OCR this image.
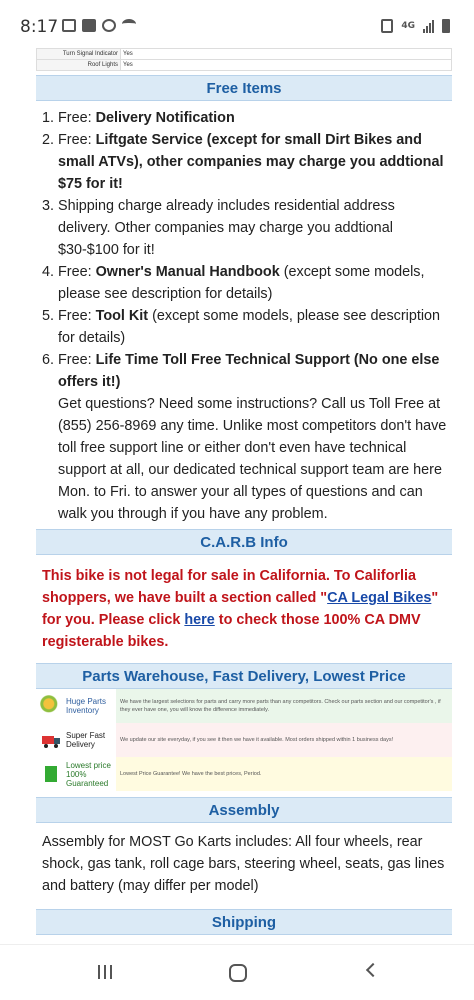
8:17	4G
Turn Signal Indicator	Yes
Roof Lights	Yes
Free Items
1. Free: Delivery Notification
2. Free: Liftgate Service (except for small Dirt Bikes and small ATVs), other companies may charge you addtional $75 for it!
3. Shipping charge already includes residential address delivery. Other companies may charge you addtional $30-$100 for it!
4. Free: Owner's Manual Handbook (except some models, please see description for details)
5. Free: Tool Kit (except some models, please see description for details)
6. Free: Life Time Toll Free Technical Support (No one else offers it!)
Get questions? Need some instructions? Call us Toll Free at (855) 256-8969 any time. Unlike most competitors don't have toll free support line or either don't even have technical support at all, our dedicated technical support team are here Mon. to Fri. to answer your all types of questions and can walk you through if you have any problem.
C.A.R.B Info
This bike is not legal for sale in California. To Califorlia shoppers, we have built a section called "CA Legal Bikes" for you. Please click here to check those 100% CA DMV registerable bikes.
Parts Warehouse, Fast Delivery, Lowest Price
Huge Parts
Inventory	We have the largest selections for parts and carry more parts than any competitors. Check our parts section and our competitor's , if they ever have one, you will know the difference immediately.

Super Fast
Delivery	We update our site everyday, if you see it then we have it available. Most orders shipped within 1 business days!

Lowest price
100%
Guaranteed	Lowest Price Guarantee! We have the best prices, Period.
Assembly
Assembly for MOST Go Karts includes: All four wheels, rear shock, gas tank, roll cage bars, steering wheel, seats, gas lines and battery (may differ per model)
Shipping
